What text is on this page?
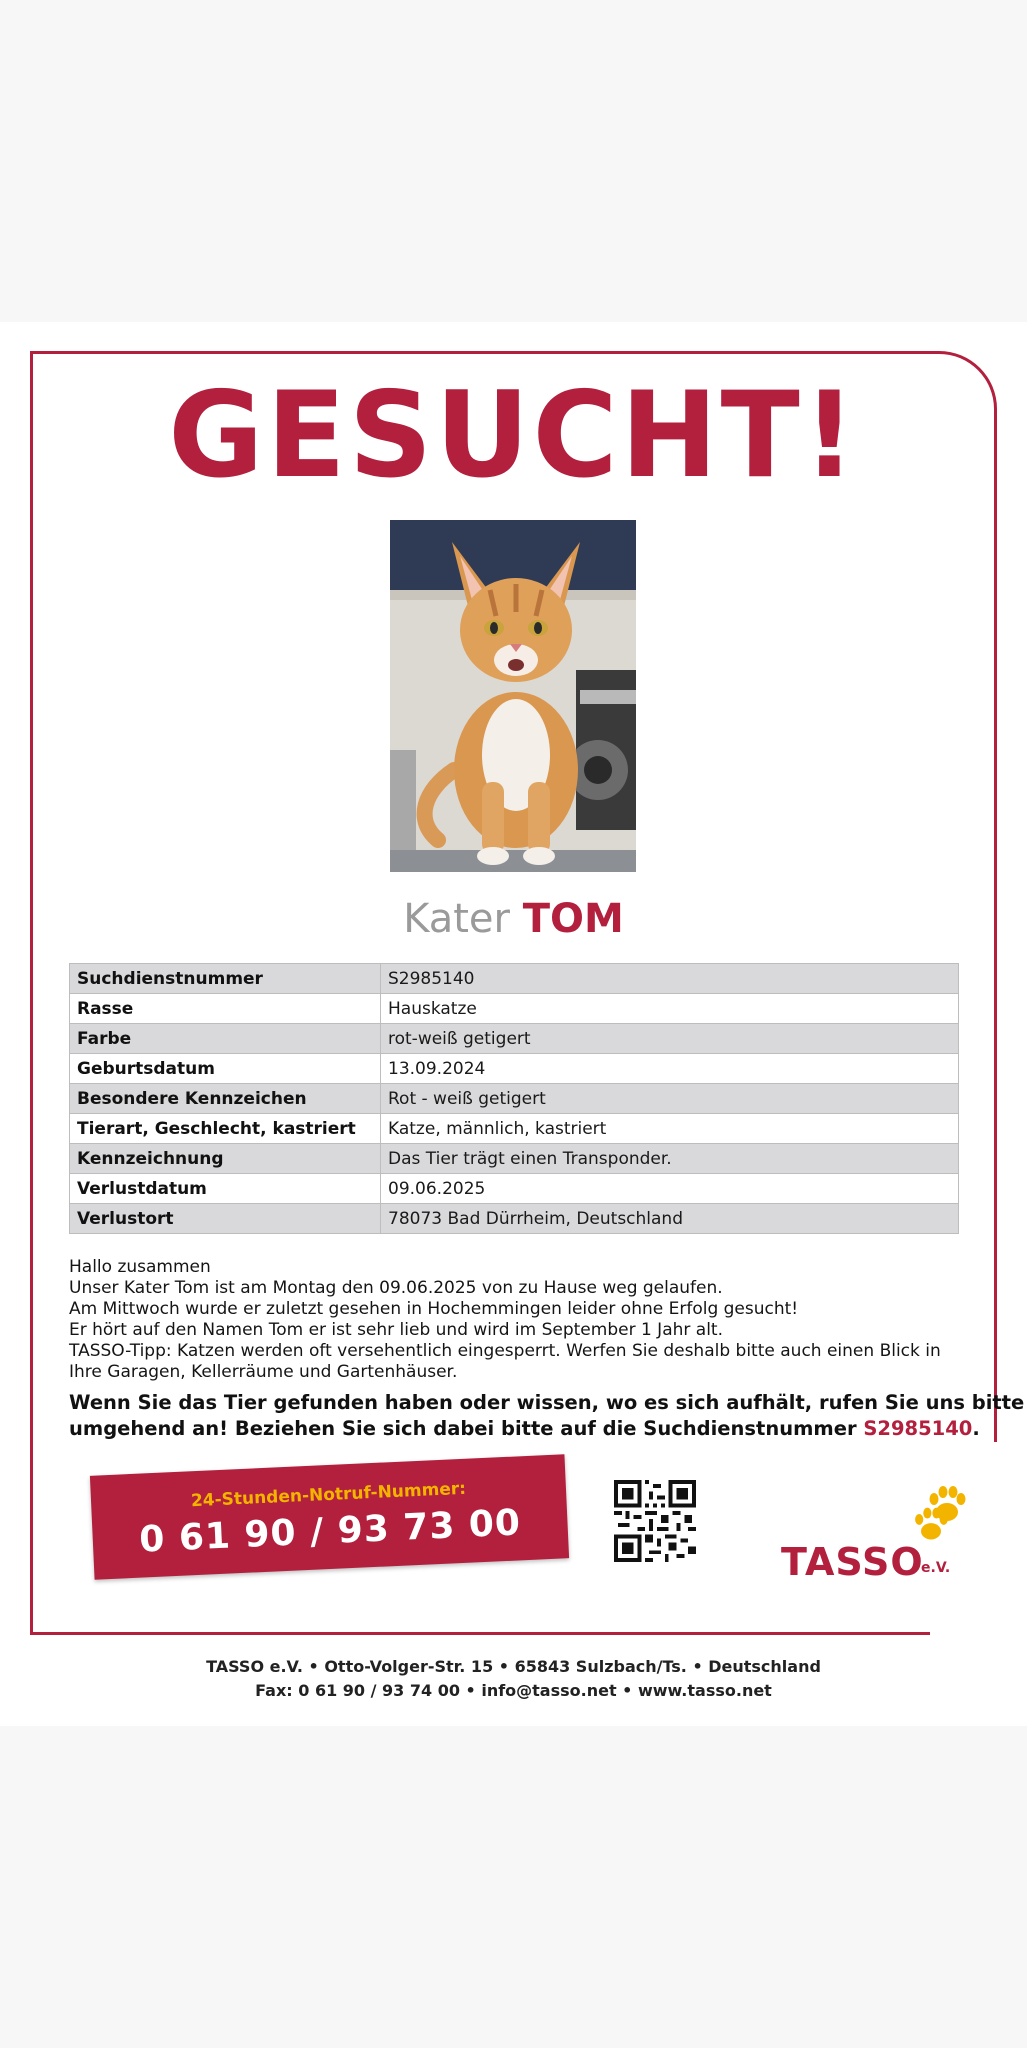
GESUCHT!
Kater TOM
Suchdienstnummer	S2985140
Rasse	Hauskatze
Farbe	rot-weiß getigert
Geburtsdatum	13.09.2024
Besondere Kennzeichen	Rot - weiß getigert
Tierart, Geschlecht, kastriert	Katze, männlich, kastriert
Kennzeichnung	Das Tier trägt einen Transponder.
Verlustdatum	09.06.2025
Verlustort	78073 Bad Dürrheim, Deutschland
Hallo zusammen
Unser Kater Tom ist am Montag den 09.06.2025 von zu Hause weg gelaufen.
Am Mittwoch wurde er zuletzt gesehen in Hochemmingen leider ohne Erfolg gesucht!
Er hört auf den Namen Tom er ist sehr lieb und wird im September 1 Jahr alt.
TASSO-Tipp: Katzen werden oft versehentlich eingesperrt. Werfen Sie deshalb bitte auch einen Blick in
Ihre Garagen, Kellerräume und Gartenhäuser.
Wenn Sie das Tier gefunden haben oder wissen, wo es sich aufhält, rufen Sie uns bitte
umgehend an! Beziehen Sie sich dabei bitte auf die Suchdienstnummer S2985140.
24-Stunden-Notruf-Nummer:
0 61 90 / 93 73 00
TASSO
e.V.
TASSO e.V. • Otto-Volger-Str. 15 • 65843 Sulzbach/Ts. • Deutschland
Fax: 0 61 90 / 93 74 00 • info@tasso.net • www.tasso.net
